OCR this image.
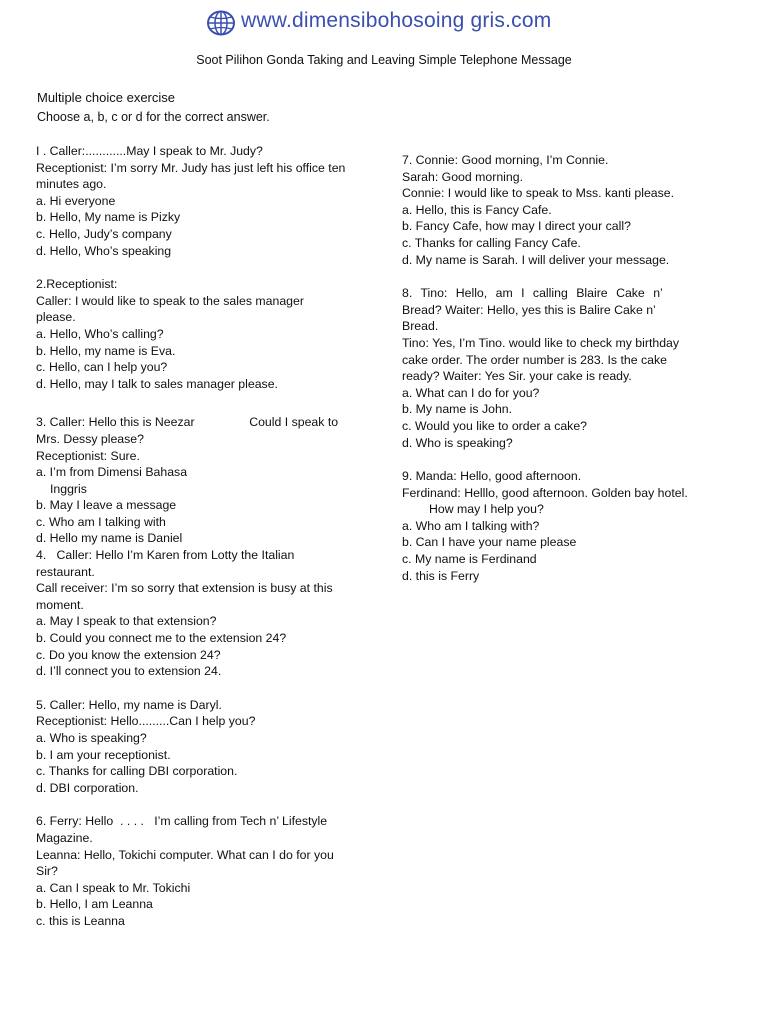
www.dimensibohosoing gris.com
Soot Pilihon Gonda Taking and Leaving Simple Telephone Message
Multiple choice exercise
Choose a, b, c or d for the correct answer.
I . Caller:............May I speak to Mr. Judy?
Receptionist: I’m sorry Mr. Judy has just left his office ten
minutes ago.
a. Hi everyone
b. Hello, My name is Pizky
c. Hello, Judy’s company
d. Hello, Who’s speaking
2.Receptionist:
Caller: I would like to speak to the sales manager
please.
a. Hello, Who’s calling?
b. Hello, my name is Eva.
c. Hello, can I help you?
d. Hello, may I talk to sales manager please.
3. Caller: Hello this is Neezar                Could I speak to
Mrs. Dessy please?
Receptionist: Sure.
a. I’m from Dimensi Bahasa
Inggris
b. May I leave a message
c. Who am I talking with
d. Hello my name is Daniel
4.   Caller: Hello I’m Karen from Lotty the Italian
restaurant.
Call receiver: I’m so sorry that extension is busy at this
moment.
a. May I speak to that extension?
b. Could you connect me to the extension 24?
c. Do you know the extension 24?
d. I’ll connect you to extension 24.
5. Caller: Hello, my name is Daryl.
Receptionist: Hello.........Can I help you?
a. Who is speaking?
b. I am your receptionist.
c. Thanks for calling DBI corporation.
d. DBI corporation.
6. Ferry: Hello  . . . .   I’m calling from Tech n’ Lifestyle
Magazine.
Leanna: Hello, Tokichi computer. What can I do for you
Sir?
a. Can I speak to Mr. Tokichi
b. Hello, I am Leanna
c. this is Leanna
7. Connie: Good morning, I’m Connie.
Sarah: Good morning.
Connie: I would like to speak to Mss. kanti please.
a. Hello, this is Fancy Cafe.
b. Fancy Cafe, how may I direct your call?
c. Thanks for calling Fancy Cafe.
d. My name is Sarah. I will deliver your message.
8. Tino: Hello, am I calling Blaire Cake n’
Bread? Waiter: Hello, yes this is Balire Cake n’
Bread.
Tino: Yes, I’m Tino. would like to check my birthday
cake order. The order number is 283. Is the cake
ready? Waiter: Yes Sir. your cake is ready.
a. What can I do for you?
b. My name is John.
c. Would you like to order a cake?
d. Who is speaking?
9. Manda: Hello, good afternoon.
Ferdinand: Helllo, good afternoon. Golden bay hotel.
How may I help you?
a. Who am I talking with?
b. Can I have your name please
c. My name is Ferdinand
d. this is Ferry
